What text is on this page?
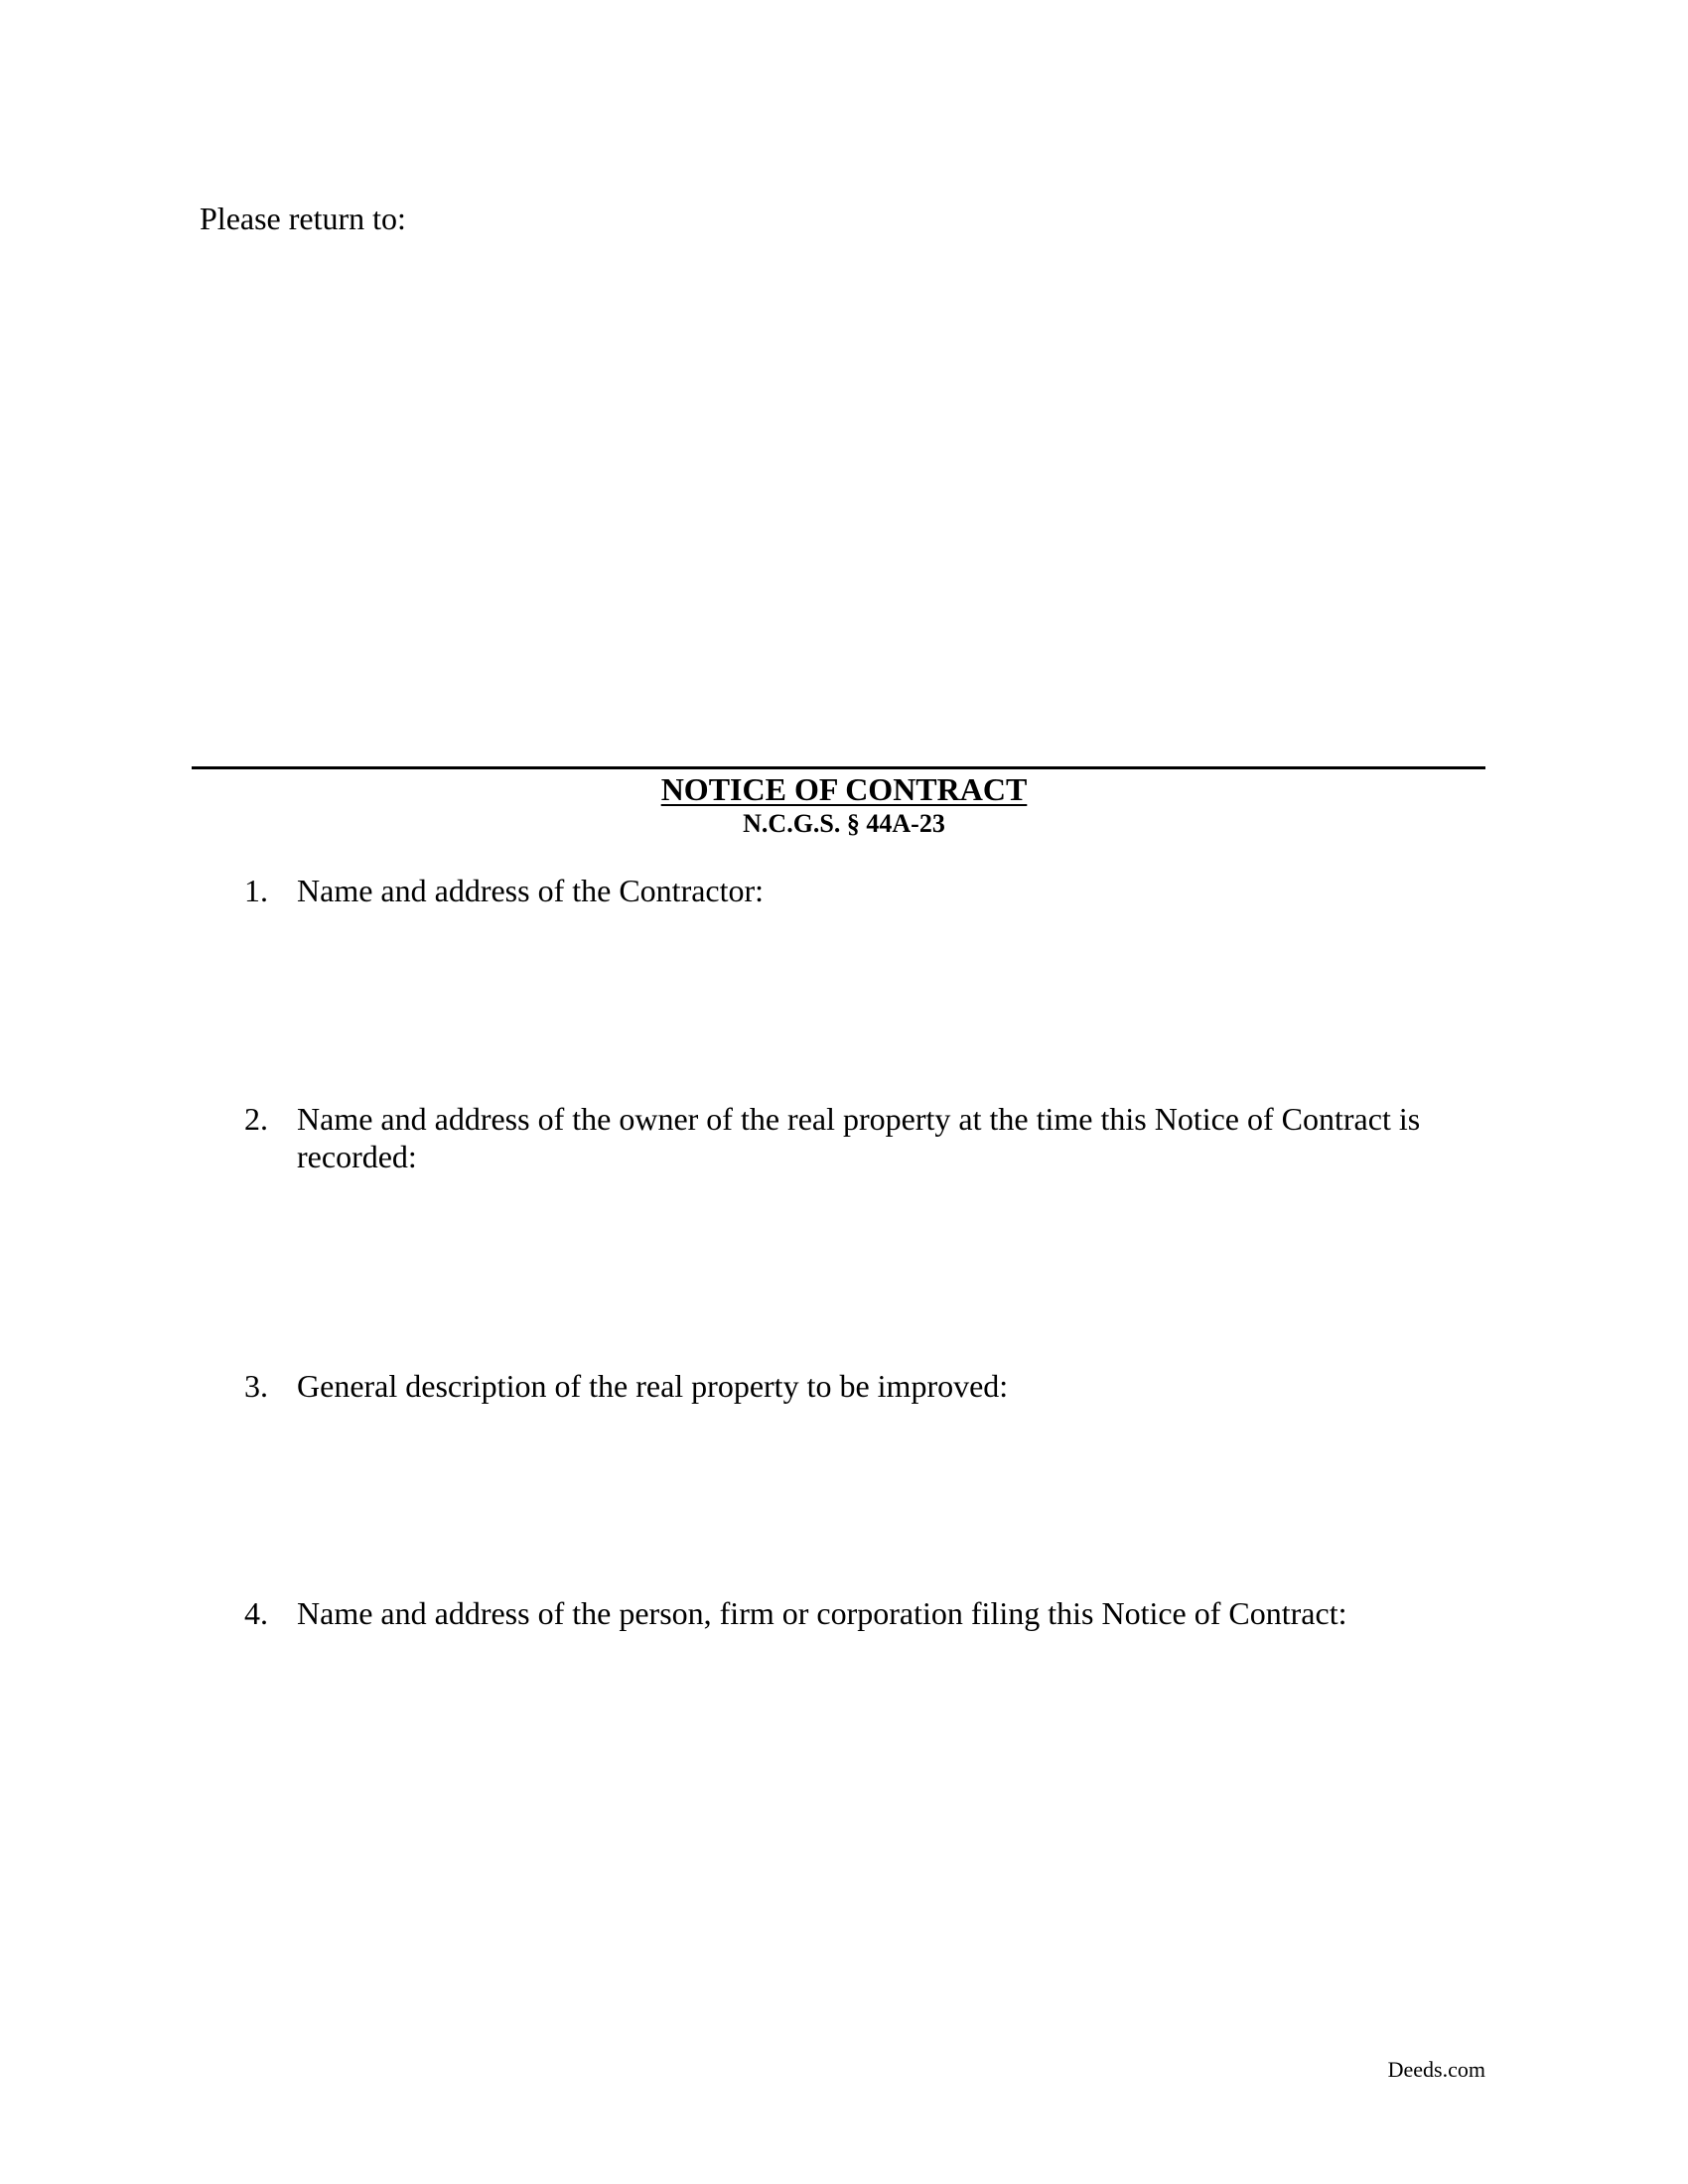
Please return to:

NOTICE OF CONTRACT

N.C.G.S. § 44A-23

1. Name and address of the Contractor:
2. Name and address of the owner of the real property at the time this Notice of Contract is recorded:
3. General description of the real property to be improved:
4. Name and address of the person, firm or corporation filing this Notice of Contract:
Deeds.com
